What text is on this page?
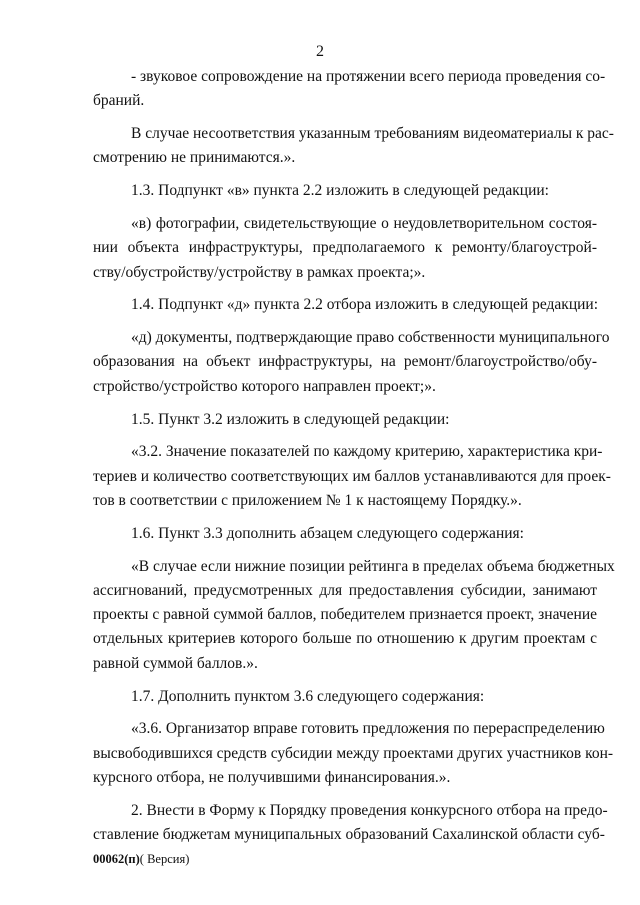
2

- звуковое сопровождение на протяжении всего периода проведения со-
браний.

В случае несоответствия указанным требованиям видеоматериалы к рас-
смотрению не принимаются.».

1.3. Подпункт «в» пункта 2.2 изложить в следующей редакции:

«в) фотографии, свидетельствующие о неудовлетворительном состоя-
нии объекта инфраструктуры, предполагаемого к ремонту/благоустрой-
ству/обустройству/устройству в рамках проекта;».

1.4. Подпункт «д» пункта 2.2 отбора изложить в следующей редакции:

«д) документы, подтверждающие право собственности муниципального
образования на объект инфраструктуры, на ремонт/благоустройство/обу-
стройство/устройство которого направлен проект;».

1.5. Пункт 3.2 изложить в следующей редакции:

«3.2. Значение показателей по каждому критерию, характеристика кри-
териев и количество соответствующих им баллов устанавливаются для проек-
тов в соответствии с приложением № 1 к настоящему Порядку.».

1.6. Пункт 3.3 дополнить абзацем следующего содержания:

«В случае если нижние позиции рейтинга в пределах объема бюджетных
ассигнований, предусмотренных для предоставления субсидии, занимают
проекты с равной суммой баллов, победителем признается проект, значение
отдельных критериев которого больше по отношению к другим проектам с
равной суммой баллов.».

1.7. Дополнить пунктом 3.6 следующего содержания:

«3.6. Организатор вправе готовить предложения по перераспределению
высвободившихся средств субсидии между проектами других участников кон-
курсного отбора, не получившими финансирования.».

2. Внести в Форму к Порядку проведения конкурсного отбора на предо-
ставление бюджетам муниципальных образований Сахалинской области суб-

00062(п)( Версия)
